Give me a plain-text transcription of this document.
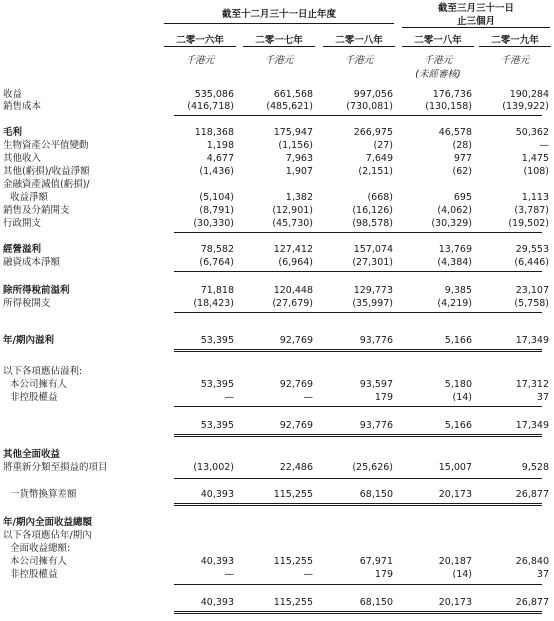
截至十二月三十一日止年度
截至三月三十一日
止三個月
二零一六年	二零一七年	二零一八年	二零一八年	二零一九年
千港元	千港元	千港元	千港元	千港元
(未經審核)
收益	535,086	661,568	997,056	176,736	190,284
銷售成本	(416,718)	(485,621)	(730,081)	(130,158)	(139,922)
毛利	118,368	175,947	266,975	46,578	50,362
生物資產公平值變動	1,198	(1,156)	(27)	(28)	—
其他收入	4,677	7,963	7,649	977	1,475
其他(虧損)/收益淨額	(1,436)	1,907	(2,151)	(62)	(108)
金融資產減值(虧損)/
收益淨額	(5,104)	1,382	(668)	695	1,113
銷售及分銷開支	(8,791)	(12,901)	(16,126)	(4,062)	(3,787)
行政開支	(30,330)	(45,730)	(98,578)	(30,329)	(19,502)
經營溢利	78,582	127,412	157,074	13,769	29,553
融資成本淨額	(6,764)	(6,964)	(27,301)	(4,384)	(6,446)
除所得稅前溢利	71,818	120,448	129,773	9,385	23,107
所得稅開支	(18,423)	(27,679)	(35,997)	(4,219)	(5,758)
年/期內溢利	53,395	92,769	93,776	5,166	17,349
以下各項應佔溢利:
本公司擁有人	53,395	92,769	93,597	5,180	17,312
非控股權益	—	—	179	(14)	37
53,395	92,769	93,776	5,166	17,349
其他全面收益
將重新分類至損益的項目	(13,002)	22,486	(25,626)	15,007	9,528
一貨幣換算差額	40,393	115,255	68,150	20,173	26,877
年/期內全面收益總額
以下各項應佔年/期內
全面收益總額:
本公司擁有人	40,393	115,255	67,971	20,187	26,840
非控股權益	—	—	179	(14)	37
40,393	115,255	68,150	20,173	26,877
